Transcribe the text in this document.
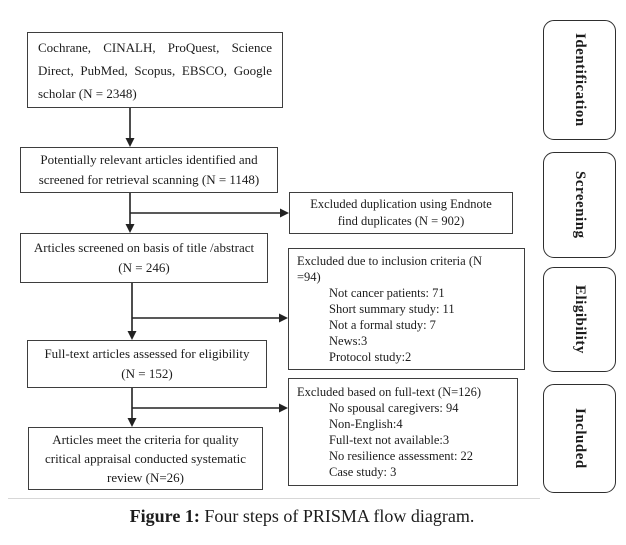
Cochrane, CINALH, ProQuest, Science
Direct, PubMed, Scopus, EBSCO, Google
scholar (N = 2348)
Potentially relevant articles identified and
screened for retrieval scanning (N = 1148)
Articles screened on basis of title /abstract
(N = 246)
Full-text articles assessed for eligibility
(N = 152)
Articles meet the criteria for quality
critical appraisal conducted systematic
review (N=26)
Excluded duplication using Endnote
find duplicates (N = 902)
Excluded due to inclusion criteria (N
=94)
Not cancer patients: 71
Short summary study: 11
Not a formal study: 7
News:3
Protocol study:2
Excluded based on full-text (N=126)
No spousal caregivers: 94
Non-English:4
Full-text not available:3
No resilience assessment: 22
Case study: 3
Identification
Screening
Eligibility
Included
Figure 1: Four steps of PRISMA flow diagram.
